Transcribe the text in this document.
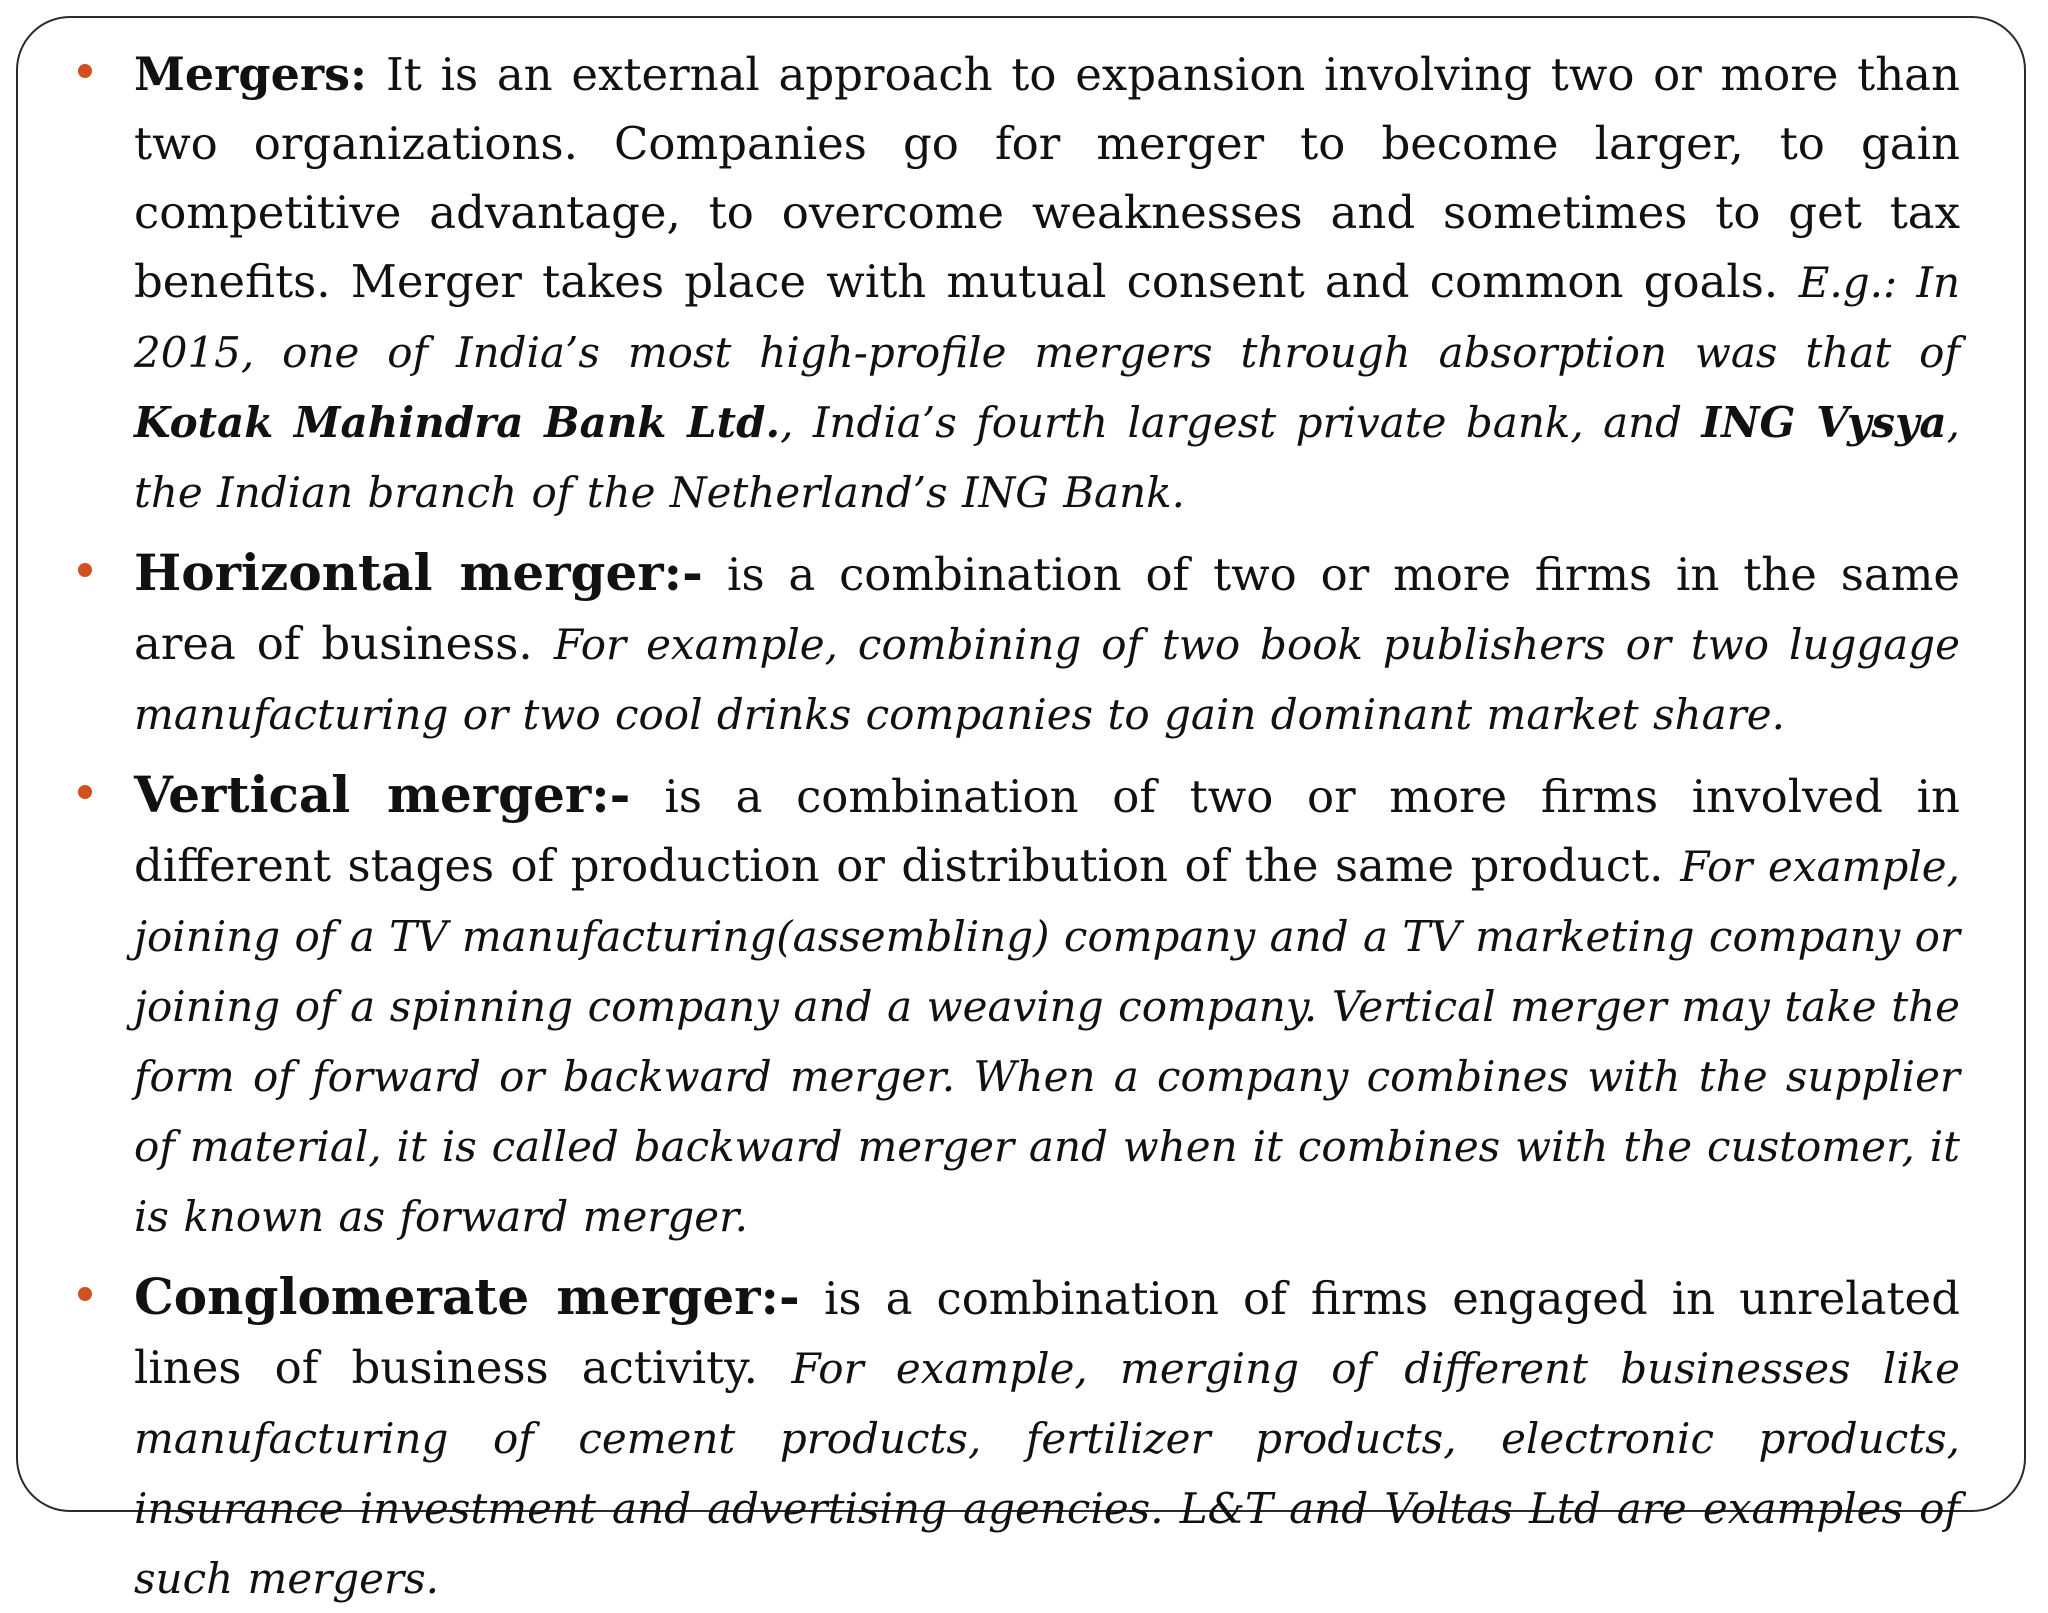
Mergers: It is an external approach to expansion involving two or more than two organizations. Companies go for merger to become larger, to gain competitive advantage, to overcome weaknesses and sometimes to get tax benefits. Merger takes place with mutual consent and common goals. E.g.: In 2015, one of India’s most high-profile mergers through absorption was that of Kotak Mahindra Bank Ltd., India’s fourth largest private bank, and ING Vysya, the Indian branch of the Netherland’s ING Bank.
Horizontal merger:- is a combination of two or more firms in the same area of business. For example, combining of two book publishers or two luggage manufacturing or two cool drinks companies to gain dominant market share.
Vertical merger:- is a combination of two or more firms involved in different stages of production or distribution of the same product. For example, joining of a TV manufacturing(assembling) company and a TV marketing company or joining of a spinning company and a weaving company. Vertical merger may take the form of forward or backward merger. When a company combines with the supplier of material, it is called backward merger and when it combines with the customer, it is known as forward merger.
Conglomerate merger:- is a combination of firms engaged in unrelated lines of business activity. For example, merging of different businesses like manufacturing of cement products, fertilizer products, electronic products, insurance investment and advertising agencies. L&T and Voltas Ltd are examples of such mergers.
